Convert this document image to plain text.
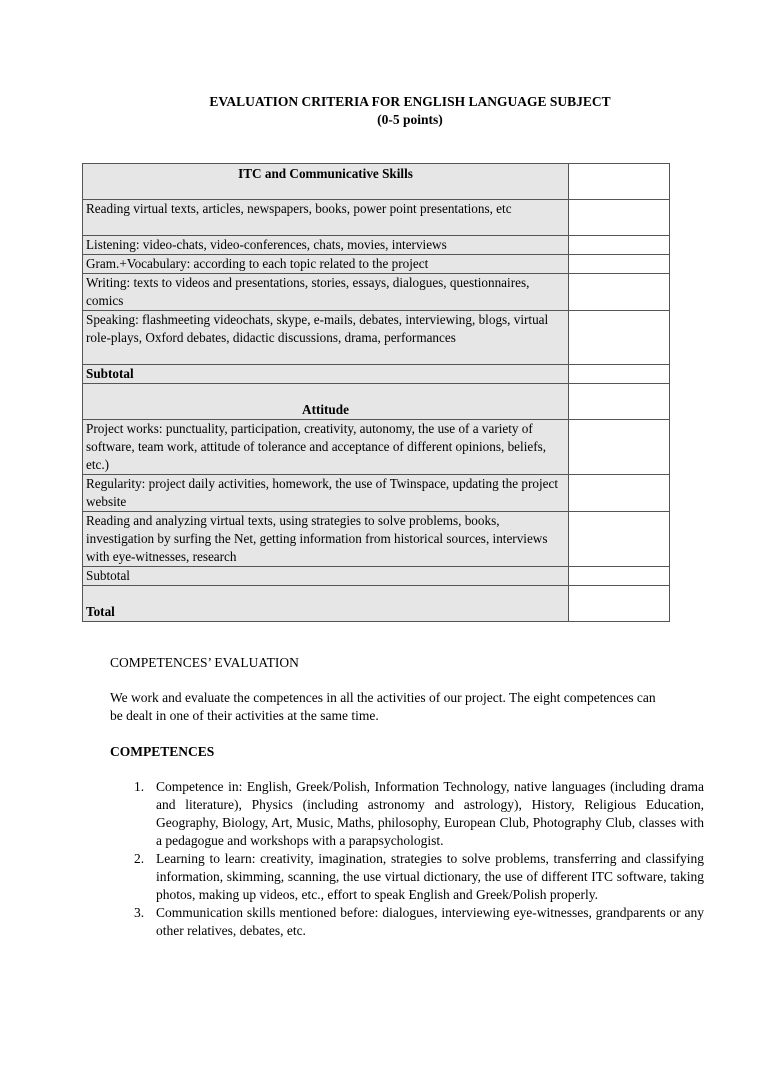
EVALUATION CRITERIA FOR ENGLISH LANGUAGE SUBJECT
(0-5 points)
ITC and Communicative Skills	
Reading virtual texts, articles, newspapers, books, power point presentations, etc	
Listening: video-chats, video-conferences, chats, movies, interviews	
Gram.+Vocabulary: according to each topic related to the project	
Writing: texts to videos and presentations, stories, essays, dialogues, questionnaires, comics	
Speaking: flashmeeting videochats, skype, e-mails, debates, interviewing, blogs, virtual role-plays, Oxford debates, didactic discussions, drama, performances	
Subtotal	
Attitude	
Project works: punctuality, participation, creativity, autonomy, the use of a variety of software, team work, attitude of tolerance and acceptance of different opinions, beliefs, etc.)	
Regularity: project daily activities, homework, the use of Twinspace, updating the project website	
Reading and analyzing virtual texts, using strategies to solve problems, books, investigation by surfing the Net, getting information from historical sources, interviews with eye-witnesses, research	
Subtotal	
Total	
COMPETENCES’ EVALUATION
We work and evaluate the competences in all the activities of our project. The eight competences can be dealt in one of their activities at the same time.
COMPETENCES
1. Competence in: English, Greek/Polish, Information Technology, native languages (including drama and literature), Physics (including astronomy and astrology), History, Religious Education, Geography, Biology, Art, Music, Maths, philosophy, European Club, Photography Club, classes with a pedagogue and workshops with a parapsychologist.
2. Learning to learn: creativity, imagination, strategies to solve problems, transferring and classifying information, skimming, scanning, the use virtual dictionary, the use of different ITC software, taking photos, making up videos, etc., effort to speak English and Greek/Polish properly.
3. Communication skills mentioned before: dialogues, interviewing eye-witnesses, grandparents or any other relatives, debates, etc.
